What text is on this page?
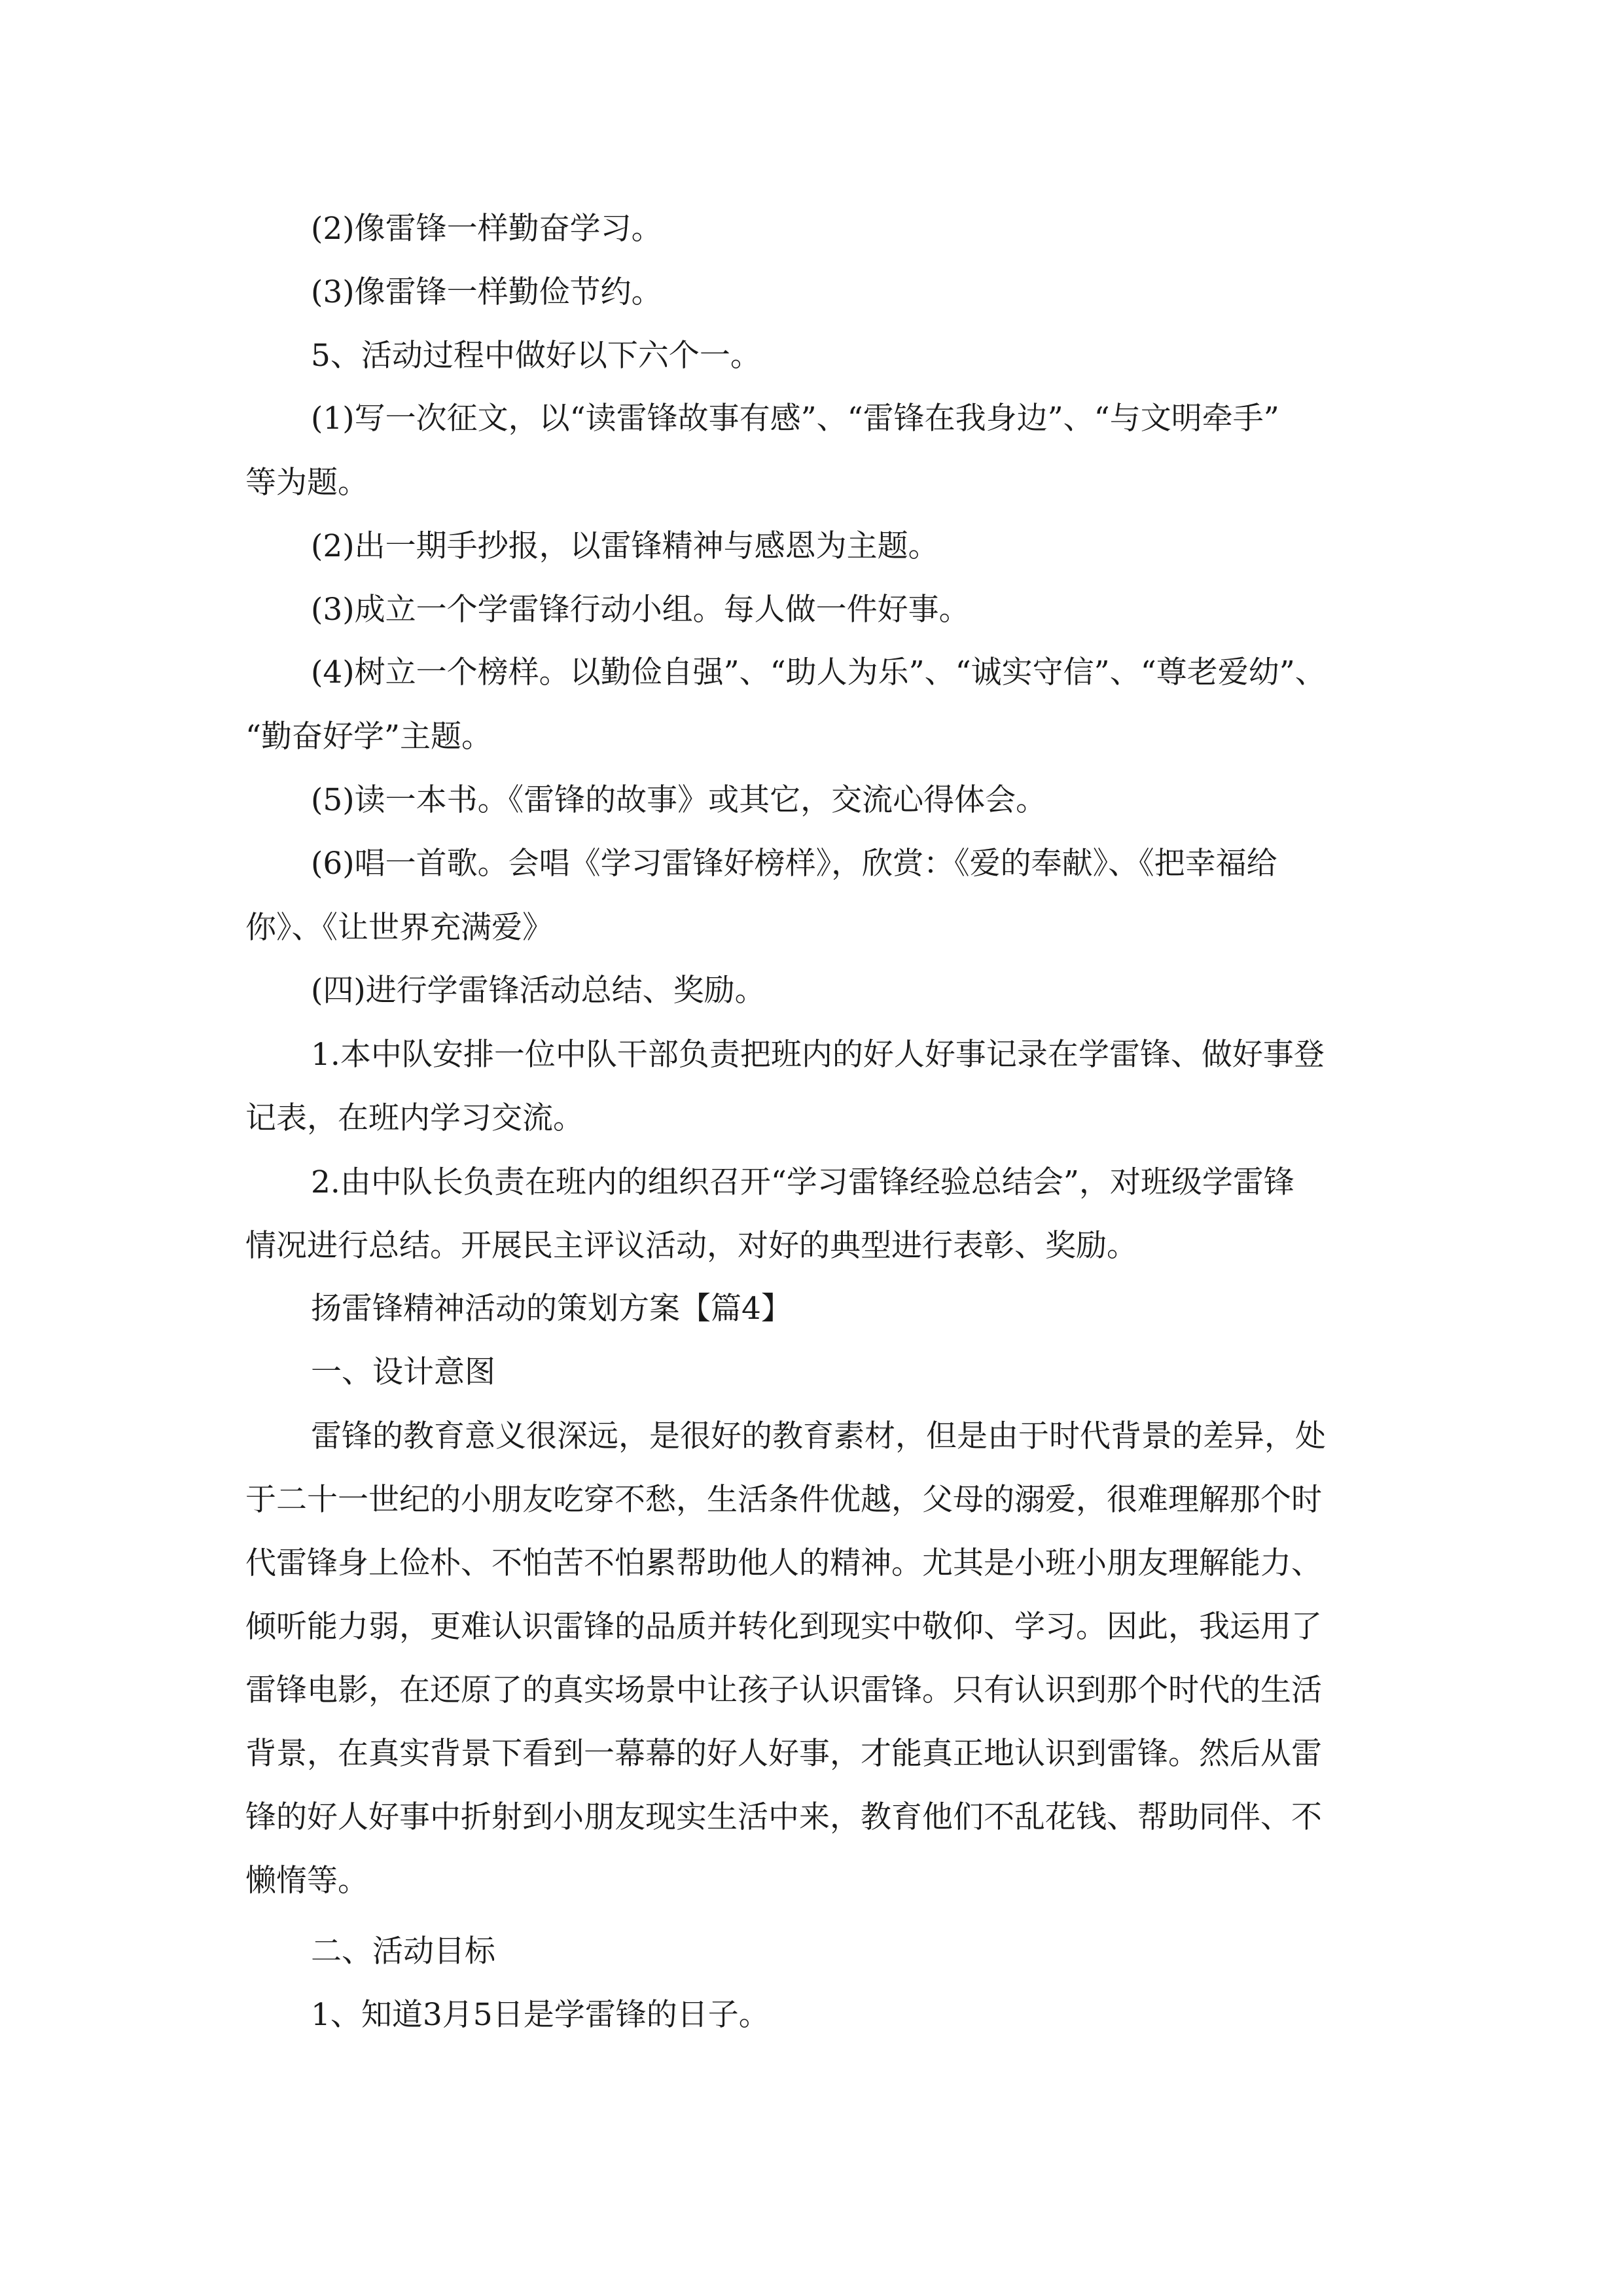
(2)像雷锋一样勤奋学习。
(3)像雷锋一样勤俭节约。
5、活动过程中做好以下六个一。
(1)写一次征文，以“读雷锋故事有感”、“雷锋在我身边”、“与文明牵手”
等为题。
(2)出一期手抄报，以雷锋精神与感恩为主题。
(3)成立一个学雷锋行动小组。每人做一件好事。
(4)树立一个榜样。以勤俭自强”、“助人为乐”、“诚实守信”、“尊老爱幼”、
“勤奋好学”主题。
(5)读一本书。《雷锋的故事》或其它，交流心得体会。
(6)唱一首歌。会唱《学习雷锋好榜样》，欣赏：《爱的奉献》、《把幸福给
你》、《让世界充满爱》
(四)进行学雷锋活动总结、奖励。
1.本中队安排一位中队干部负责把班内的好人好事记录在学雷锋、做好事登
记表，在班内学习交流。
2.由中队长负责在班内的组织召开“学习雷锋经验总结会”，对班级学雷锋
情况进行总结。开展民主评议活动，对好的典型进行表彰、奖励。
扬雷锋精神活动的策划方案【篇4】
一、设计意图
雷锋的教育意义很深远，是很好的教育素材，但是由于时代背景的差异，处
于二十一世纪的小朋友吃穿不愁，生活条件优越，父母的溺爱，很难理解那个时
代雷锋身上俭朴、不怕苦不怕累帮助他人的精神。尤其是小班小朋友理解能力、
倾听能力弱，更难认识雷锋的品质并转化到现实中敬仰、学习。因此，我运用了
雷锋电影，在还原了的真实场景中让孩子认识雷锋。只有认识到那个时代的生活
背景，在真实背景下看到一幕幕的好人好事，才能真正地认识到雷锋。然后从雷
锋的好人好事中折射到小朋友现实生活中来，教育他们不乱花钱、帮助同伴、不
懒惰等。
二、活动目标
1、知道3月5日是学雷锋的日子。
